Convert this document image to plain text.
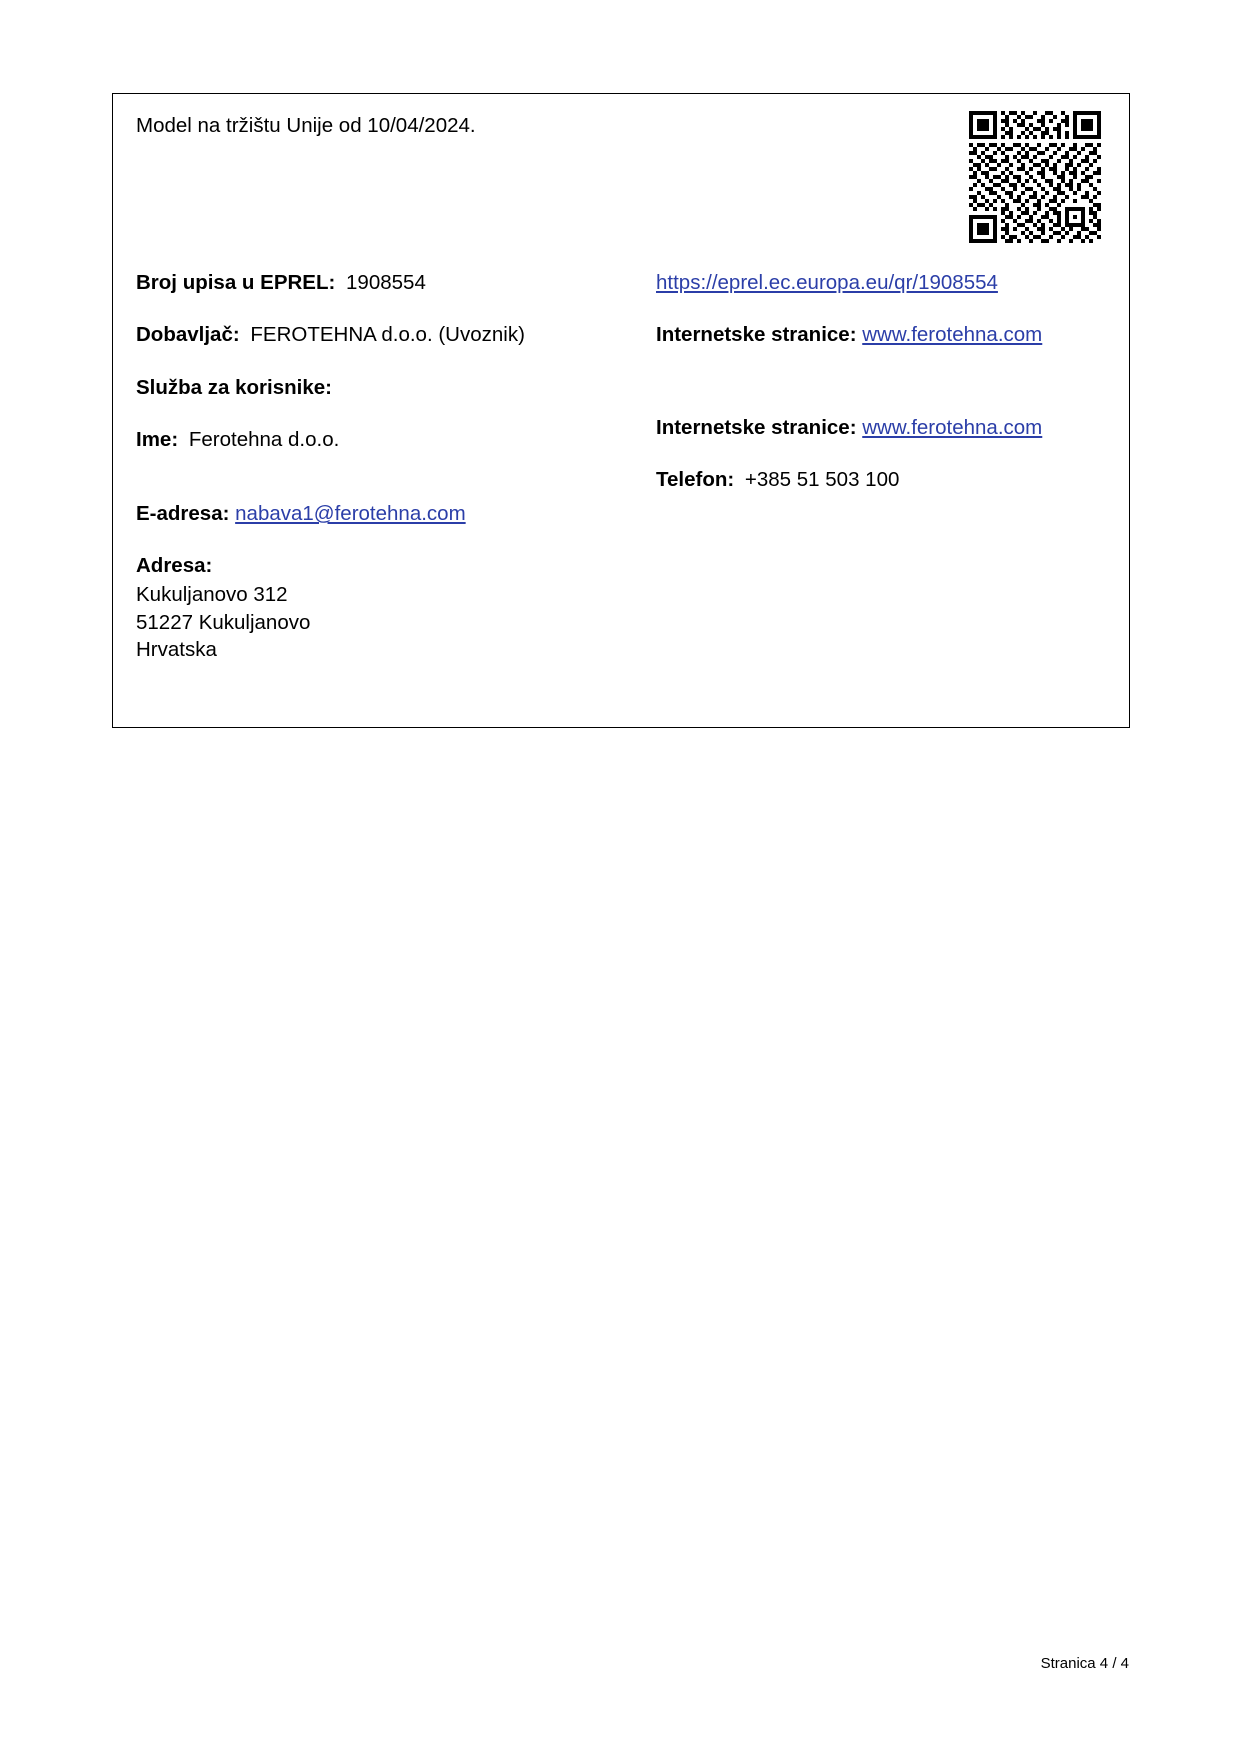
Model na tržištu Unije od 10/04/2024.
Broj upisa u EPREL: 1908554
Dobavljač: FEROTEHNA d.o.o. (Uvoznik)
Služba za korisnike:
Ime: Ferotehna d.o.o.
E-adresa: nabava1@ferotehna.com
Adresa:
Kukuljanovo 312
51227 Kukuljanovo
Hrvatska
https://eprel.ec.europa.eu/qr/1908554
Internetske stranice: www.ferotehna.com
Internetske stranice: www.ferotehna.com
Telefon: +385 51 503 100
Stranica 4 / 4
